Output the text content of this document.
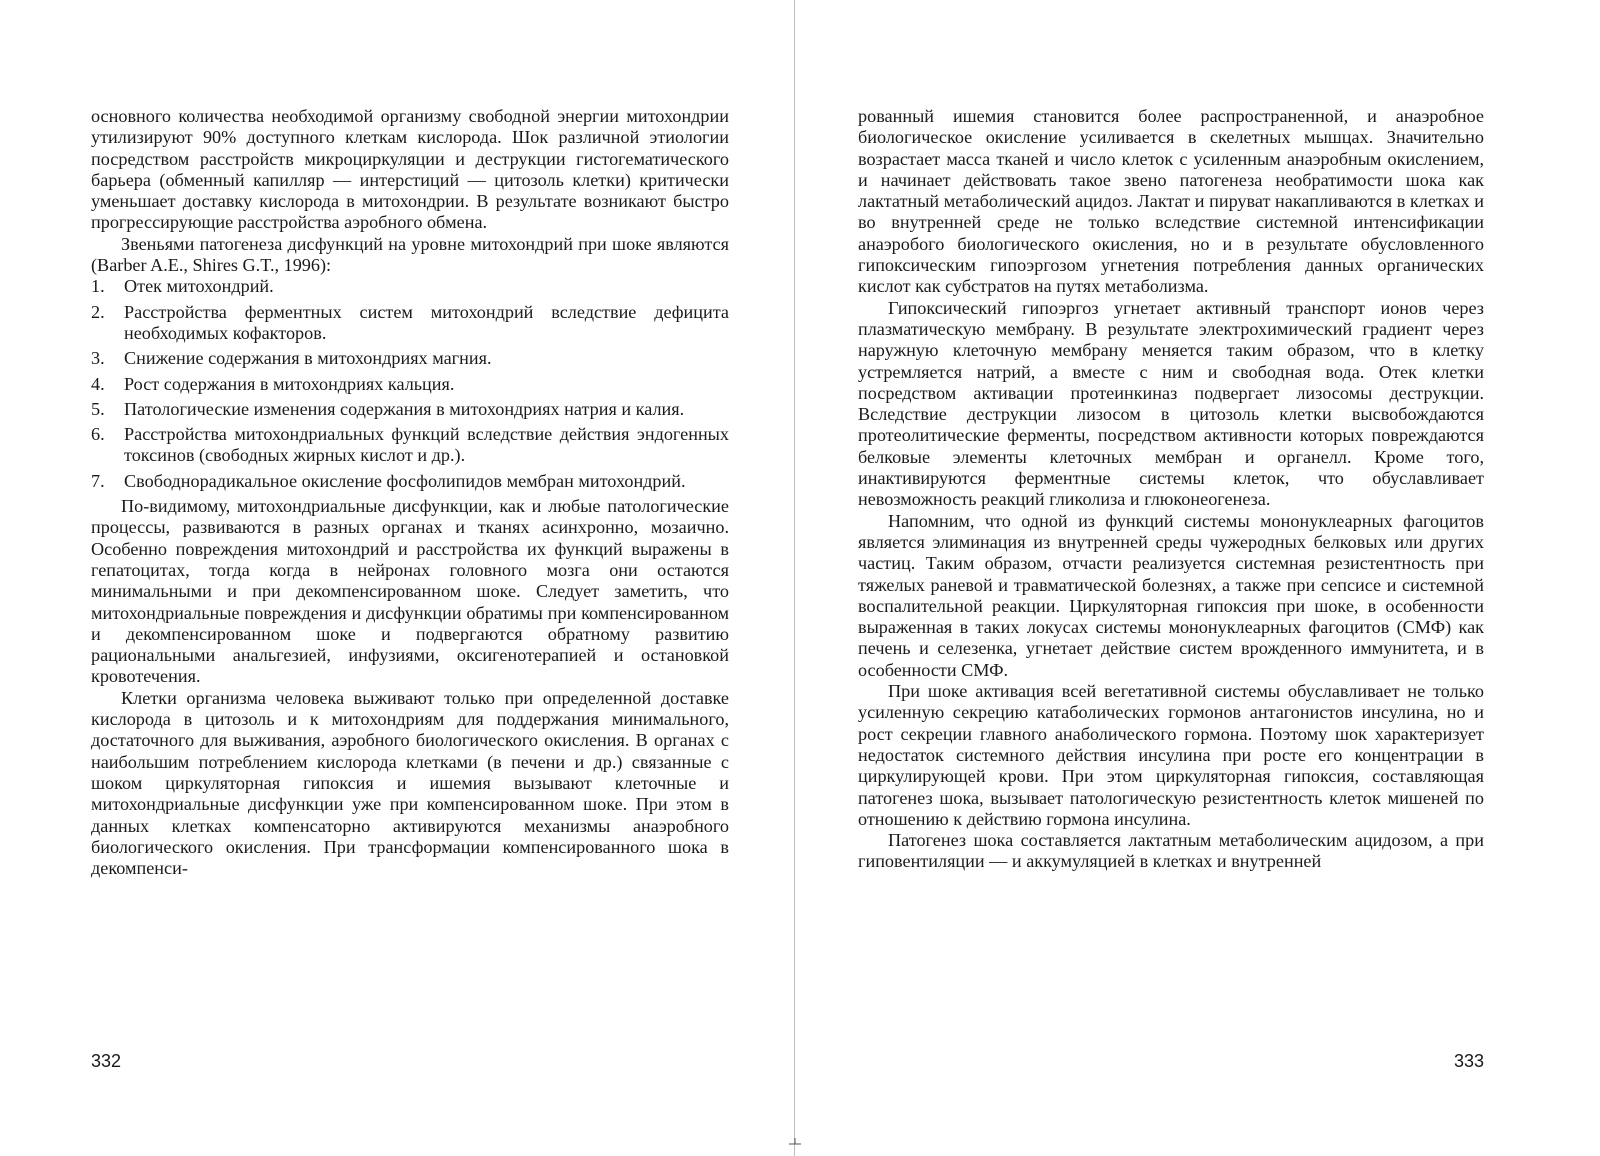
основного количества необходимой организму свободной энергии митохондрии утилизируют 90% доступного клеткам кислорода. Шок различной этиологии посредством расстройств микроциркуляции и деструкции гистогематического барьера (обменный капилляр — интерстиций — цитозоль клетки) критически уменьшает доставку кислорода в митохондрии. В результате возникают быстро прогрессирующие расстройства аэробного обмена.

Звеньями патогенеза дисфункций на уровне митохондрий при шоке являются (Barber A.E., Shires G.T., 1996):

1. Отек митохондрий.
2. Расстройства ферментных систем митохондрий вследствие дефицита необходимых кофакторов.
3. Снижение содержания в митохондриях магния.
4. Рост содержания в митохондриях кальция.
5. Патологические изменения содержания в митохондриях натрия и калия.
6. Расстройства митохондриальных функций вследствие действия эндогенных токсинов (свободных жирных кислот и др.).
7. Свободнорадикальное окисление фосфолипидов мембран митохондрий.

По-видимому, митохондриальные дисфункции, как и любые патологические процессы, развиваются в разных органах и тканях асинхронно, мозаично. Особенно повреждения митохондрий и расстройства их функций выражены в гепатоцитах, тогда когда в нейронах головного мозга они остаются минимальными и при декомпенсированном шоке. Следует заметить, что митохондриальные повреждения и дисфункции обратимы при компенсированном и декомпенсированном шоке и подвергаются обратному развитию рациональными анальгезией, инфузиями, оксигенотерапией и остановкой кровотечения.

Клетки организма человека выживают только при определенной доставке кислорода в цитозоль и к митохондриям для поддержания минимального, достаточного для выживания, аэробного биологического окисления. В органах с наибольшим потреблением кислорода клетками (в печени и др.) связанные с шоком циркуляторная гипоксия и ишемия вызывают клеточные и митохондриальные дисфункции уже при компенсированном шоке. При этом в данных клетках компенсаторно активируются механизмы анаэробного биологического окисления. При трансформации компенсированного шока в декомпенси-

332

рованный ишемия становится более распространенной, и анаэробное биологическое окисление усиливается в скелетных мышцах. Значительно возрастает масса тканей и число клеток с усиленным анаэробным окислением, и начинает действовать такое звено патогенеза необратимости шока как лактатный метаболический ацидоз. Лактат и пируват накапливаются в клетках и во внутренней среде не только вследствие системной интенсификации анаэробого биологического окисления, но и в результате обусловленного гипоксическим гипоэргозом угнетения потребления данных органических кислот как субстратов на путях метаболизма.

Гипоксический гипоэргоз угнетает активный транспорт ионов через плазматическую мембрану. В результате электрохимический градиент через наружную клеточную мембрану меняется таким образом, что в клетку устремляется натрий, а вместе с ним и свободная вода. Отек клетки посредством активации протеинкиназ подвергает лизосомы деструкции. Вследствие деструкции лизосом в цитозоль клетки высвобождаются протеолитические ферменты, посредством активности которых повреждаются белковые элементы клеточных мембран и органелл. Кроме того, инактивируются ферментные системы клеток, что обуславливает невозможность реакций гликолиза и глюконеогенеза.

Напомним, что одной из функций системы мононуклеарных фагоцитов является элиминация из внутренней среды чужеродных белковых или других частиц. Таким образом, отчасти реализуется системная резистентность при тяжелых раневой и травматической болезнях, а также при сепсисе и системной воспалительной реакции. Циркуляторная гипоксия при шоке, в особенности выраженная в таких локусах системы мононуклеарных фагоцитов (СМФ) как печень и селезенка, угнетает действие систем врожденного иммунитета, и в особенности СМФ.

При шоке активация всей вегетативной системы обуславливает не только усиленную секрецию катаболических гормонов антагонистов инсулина, но и рост секреции главного анаболического гормона. Поэтому шок характеризует недостаток системного действия инсулина при росте его концентрации в циркулирующей крови. При этом циркуляторная гипоксия, составляющая патогенез шока, вызывает патологическую резистентность клеток мишеней по отношению к действию гормона инсулина.

Патогенез шока составляется лактатным метаболическим ацидозом, а при гиповентиляции — и аккумуляцией в клетках и внутренней

333
